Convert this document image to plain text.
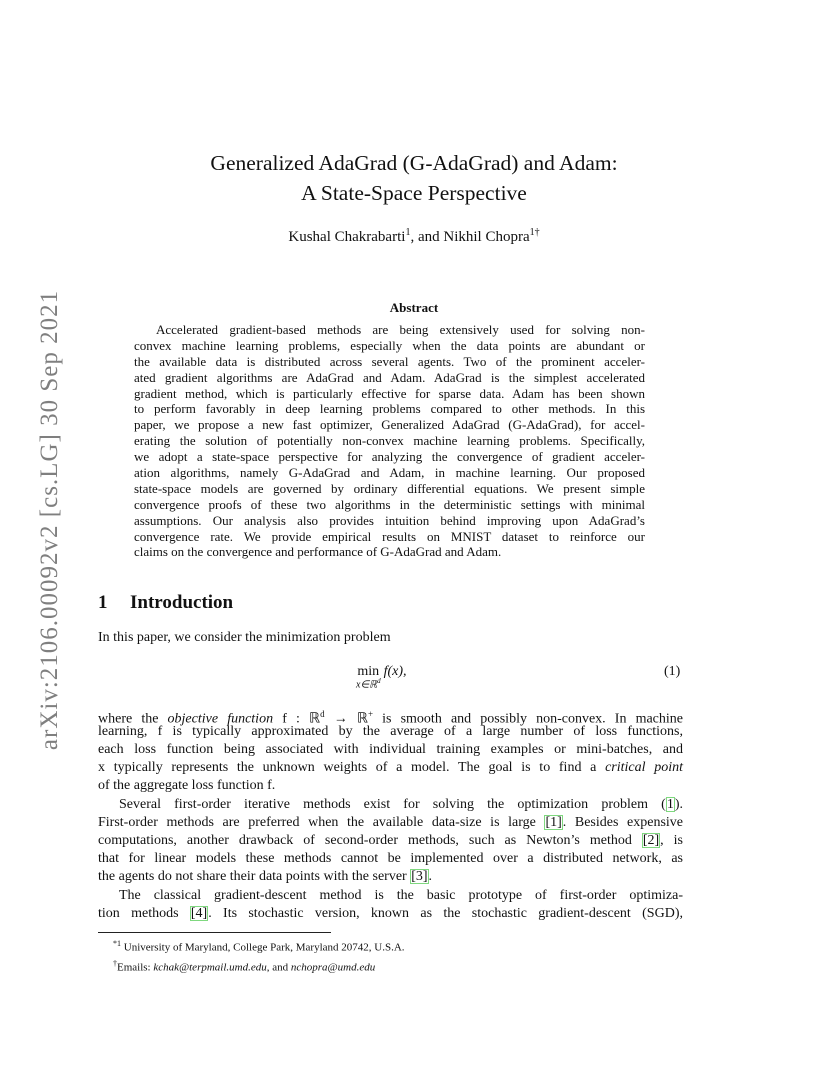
arXiv:2106.00092v2 [cs.LG] 30 Sep 2021
Generalized AdaGrad (G-AdaGrad) and Adam:
A State-Space Perspective
Kushal Chakrabarti$^1$, and Nikhil Chopra$^{1\dagger}$
Abstract
Accelerated gradient-based methods are being extensively used for solving non-
convex machine learning problems, especially when the data points are abundant or
the available data is distributed across several agents. Two of the prominent acceler-
ated gradient algorithms are AdaGrad and Adam. AdaGrad is the simplest accelerated
gradient method, which is particularly effective for sparse data. Adam has been shown
to perform favorably in deep learning problems compared to other methods. In this
paper, we propose a new fast optimizer, Generalized AdaGrad (G-AdaGrad), for accel-
erating the solution of potentially non-convex machine learning problems. Specifically,
we adopt a state-space perspective for analyzing the convergence of gradient acceler-
ation algorithms, namely G-AdaGrad and Adam, in machine learning. Our proposed
state-space models are governed by ordinary differential equations. We present simple
convergence proofs of these two algorithms in the deterministic settings with minimal
assumptions. Our analysis also provides intuition behind improving upon AdaGrad’s
convergence rate. We provide empirical results on MNIST dataset to reinforce our
claims on the convergence and performance of G-AdaGrad and Adam.
1 Introduction
In this paper, we consider the minimization problem
min
x∈ℝ$^d$
f(x),	(1)
where the objective function f : ℝ$^d$ → ℝ+ is smooth and possibly non-convex. In machine
learning, f is typically approximated by the average of a large number of loss functions,
each loss function being associated with individual training examples or mini-batches, and
x typically represents the unknown weights of a model. The goal is to find a critical point
of the aggregate loss function f.
Several first-order iterative methods exist for solving the optimization problem (1).
First-order methods are preferred when the available data-size is large [1]. Besides expensive
computations, another drawback of second-order methods, such as Newton’s method [2], is
that for linear models these methods cannot be implemented over a distributed network, as
the agents do not share their data points with the server [3].
The classical gradient-descent method is the basic prototype of first-order optimiza-
tion methods [4]. Its stochastic version, known as the stochastic gradient-descent (SGD),
$^{*1}$ University of Maryland, College Park, Maryland 20742, U.S.A.
†Emails: kchak@terpmail.umd.edu, and nchopra@umd.edu
